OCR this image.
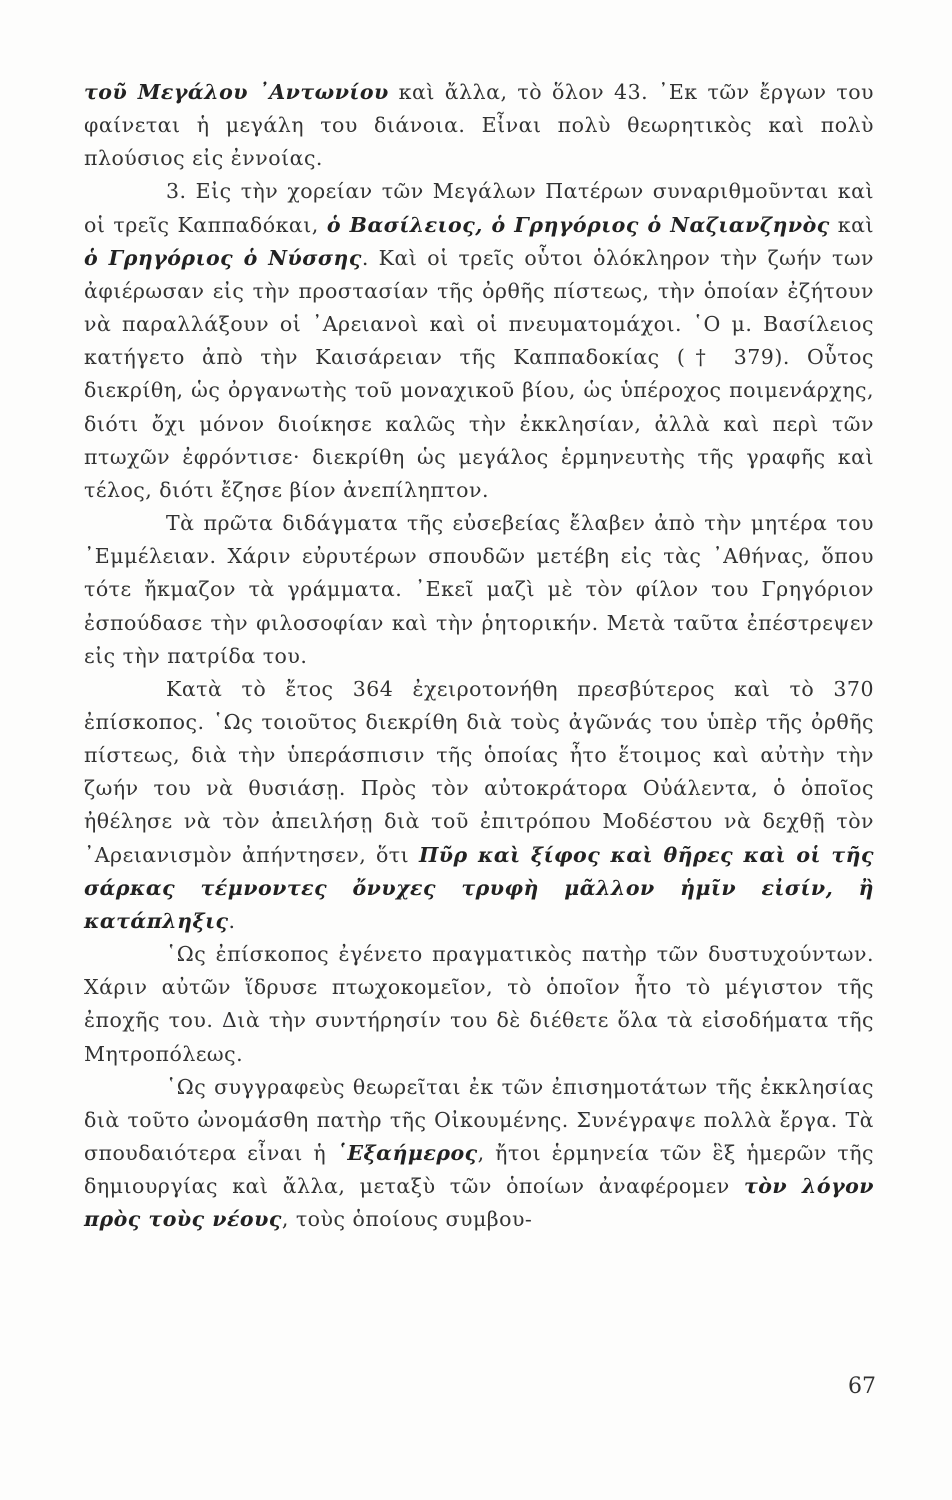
τοῦ Μεγάλου ᾿Αντωνίου καὶ ἄλλα, τὸ ὅλον 43. ᾿Εκ τῶν ἔργων του φαίνεται ἡ μεγάλη του διάνοια. Εἶναι πολὺ θεωρητικὸς καὶ πολὺ πλούσιος εἰς ἐννοίας.

3. Εἰς τὴν χορείαν τῶν Μεγάλων Πατέρων συναριθμοῦνται καὶ οἱ τρεῖς Καππαδόκαι, ὁ Βασίλειος, ὁ Γρηγόριος ὁ Ναζιανζηνὸς καὶ ὁ Γρηγόριος ὁ Νύσσης. Καὶ οἱ τρεῖς οὗτοι ὁλόκληρον τὴν ζωήν των ἀφιέρωσαν εἰς τὴν προστασίαν τῆς ὀρθῆς πίστεως, τὴν ὁποίαν ἐζήτουν νὰ παραλλάξουν οἱ ᾿Αρειανοὶ καὶ οἱ πνευματομάχοι. ῾Ο μ. Βασίλειος κατήγετο ἀπὸ τὴν Καισάρειαν τῆς Καππαδοκίας († 379). Οὗτος διεκρίθη, ὡς ὀργανωτὴς τοῦ μοναχικοῦ βίου, ὡς ὑπέροχος ποιμενάρχης, διότι ὄχι μόνον διοίκησε καλῶς τὴν ἐκκλησίαν, ἀλλὰ καὶ περὶ τῶν πτωχῶν ἐφρόντισε· διεκρίθη ὡς μεγάλος ἑρμηνευτὴς τῆς γραφῆς καὶ τέλος, διότι ἔζησε βίον ἀνεπίληπτον.

Τὰ πρῶτα διδάγματα τῆς εὐσεβείας ἔλαβεν ἀπὸ τὴν μητέρα του ᾿Εμμέλειαν. Χάριν εὐρυτέρων σπουδῶν μετέβη εἰς τὰς ᾿Αθήνας, ὅπου τότε ἤκμαζον τὰ γράμματα. ᾿Εκεῖ μαζὶ μὲ τὸν φίλον του Γρηγόριον ἐσπούδασε τὴν φιλοσοφίαν καὶ τὴν ῥητορικήν. Μετὰ ταῦτα ἐπέστρεψεν εἰς τὴν πατρίδα του.

Κατὰ τὸ ἔτος 364 ἐχειροτονήθη πρεσβύτερος καὶ τὸ 370 ἐπίσκοπος. ῾Ως τοιοῦτος διεκρίθη διὰ τοὺς ἀγῶνάς του ὑπὲρ τῆς ὀρθῆς πίστεως, διὰ τὴν ὑπεράσπισιν τῆς ὁποίας ἦτο ἕτοιμος καὶ αὐτὴν τὴν ζωήν του νὰ θυσιάσῃ. Πρὸς τὸν αὐτοκράτορα Οὐάλεντα, ὁ ὁποῖος ἠθέλησε νὰ τὸν ἀπειλήσῃ διὰ τοῦ ἐπιτρόπου Μοδέστου νὰ δεχθῇ τὸν ᾿Αρειανισμὸν ἀπήντησεν, ὅτι Πῦρ καὶ ξίφος καὶ θῆρες καὶ οἱ τῆς σάρκας τέμνοντες ὄνυχες τρυφὴ μᾶλλον ἡμῖν εἰσίν, ἢ κατάπληξις.

῾Ως ἐπίσκοπος ἐγένετο πραγματικὸς πατὴρ τῶν δυστυχούντων. Χάριν αὐτῶν ἵδρυσε πτωχοκομεῖον, τὸ ὁποῖον ἦτο τὸ μέγιστον τῆς ἐποχῆς του. Διὰ τὴν συντήρησίν του δὲ διέθετε ὅλα τὰ εἰσοδήματα τῆς Μητροπόλεως.

῾Ως συγγραφεὺς θεωρεῖται ἐκ τῶν ἐπισημοτάτων τῆς ἐκκλησίας διὰ τοῦτο ὠνομάσθη πατὴρ τῆς Οἰκουμένης. Συνέγραψε πολλὰ ἔργα. Τὰ σπουδαιότερα εἶναι ἡ ῾Εξαήμερος, ἤτοι ἑρμηνεία τῶν ἓξ ἡμερῶν τῆς δημιουργίας καὶ ἄλλα, μεταξὺ τῶν ὁποίων ἀναφέρομεν τὸν λόγον πρὸς τοὺς νέους, τοὺς ὁποίους συμβου-

67
